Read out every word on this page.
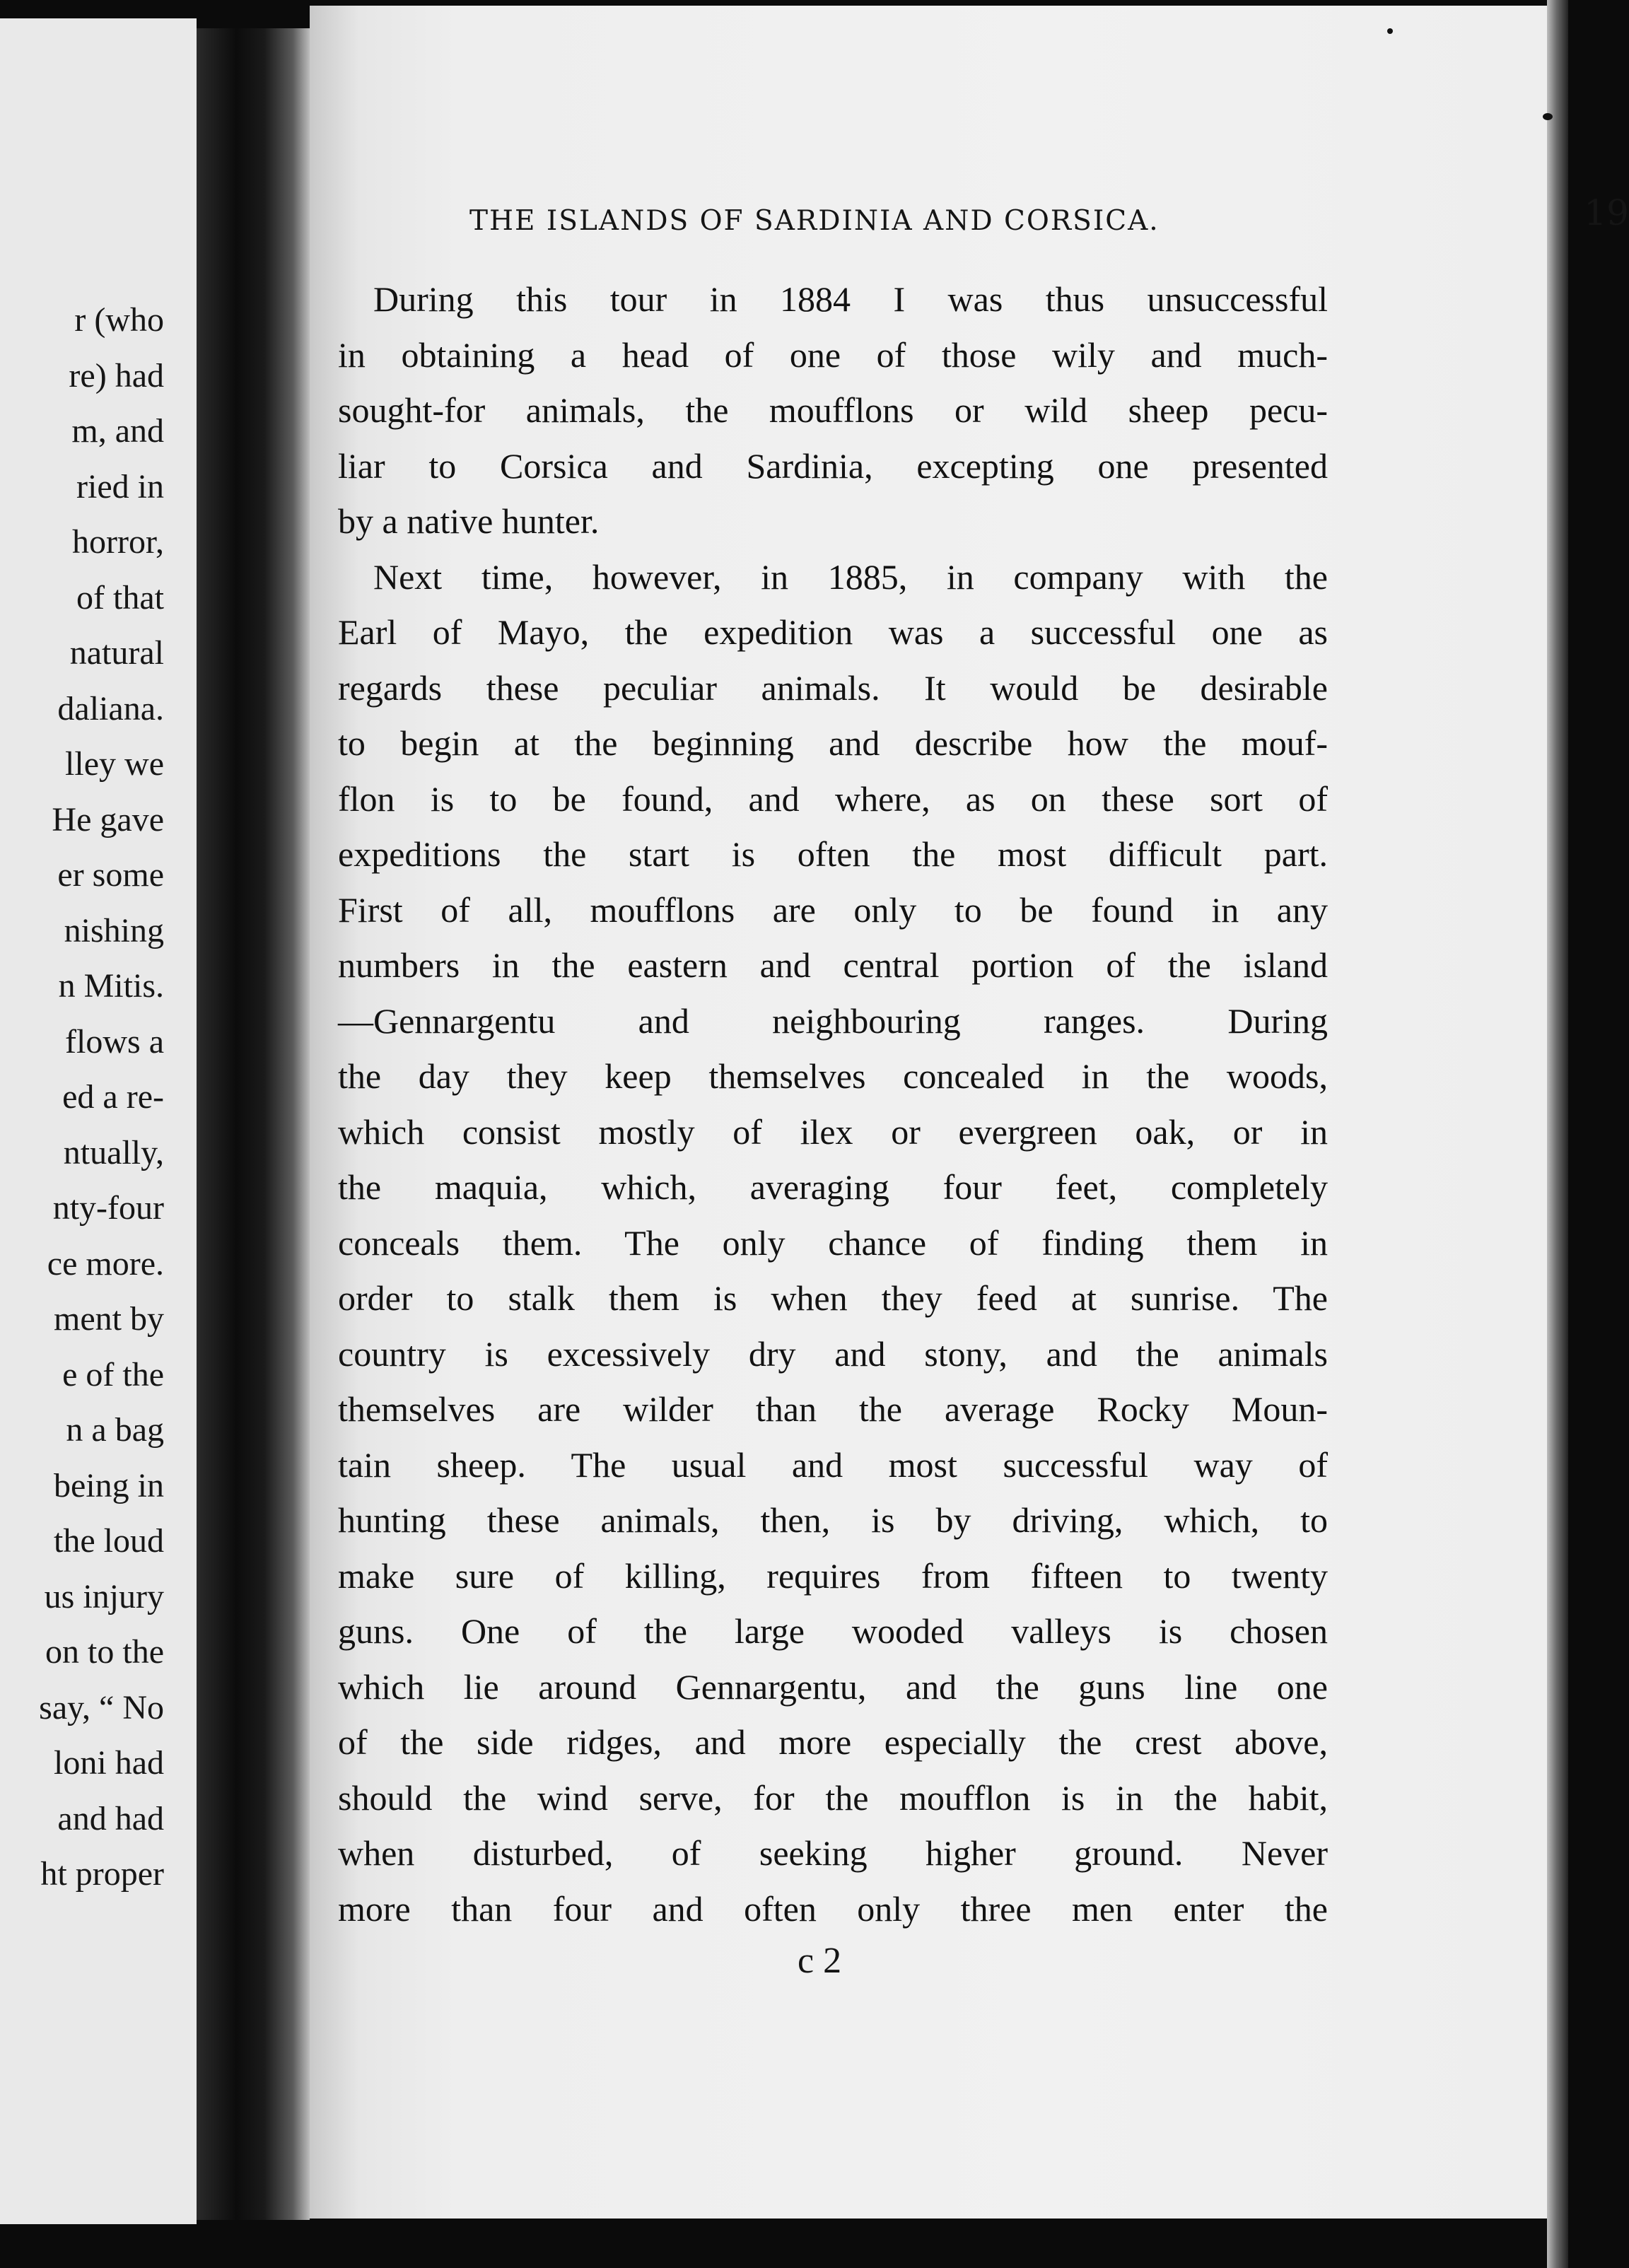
r (who
re) had
m, and
ried in
horror,
of that
natural
daliana.
lley we
He gave
er some
nishing
n Mitis.
flows a
ed a re-
ntually,
nty-four
ce more.
ment by
e of the
n a bag
being in
the loud
us injury
on to the
say, “ No
loni had
and had
ht proper
THE ISLANDS OF SARDINIA AND CORSICA.	19
During this tour in 1884 I was thus unsuccessful
in obtaining a head of one of those wily and much-
sought-for animals, the moufflons or wild sheep pecu-
liar to Corsica and Sardinia, excepting one presented
by a native hunter.
Next time, however, in 1885, in company with the
Earl of Mayo, the expedition was a successful one as
regards these peculiar animals. It would be desirable
to begin at the beginning and describe how the mouf-
flon is to be found, and where, as on these sort of
expeditions the start is often the most difficult part.
First of all, moufflons are only to be found in any
numbers in the eastern and central portion of the island
—Gennargentu and neighbouring ranges. During
the day they keep themselves concealed in the woods,
which consist mostly of ilex or evergreen oak, or in
the maquia, which, averaging four feet, completely
conceals them. The only chance of finding them in
order to stalk them is when they feed at sunrise. The
country is excessively dry and stony, and the animals
themselves are wilder than the average Rocky Moun-
tain sheep. The usual and most successful way of
hunting these animals, then, is by driving, which, to
make sure of killing, requires from fifteen to twenty
guns. One of the large wooded valleys is chosen
which lie around Gennargentu, and the guns line one
of the side ridges, and more especially the crest above,
should the wind serve, for the moufflon is in the habit,
when disturbed, of seeking higher ground. Never
more than four and often only three men enter the
c 2
